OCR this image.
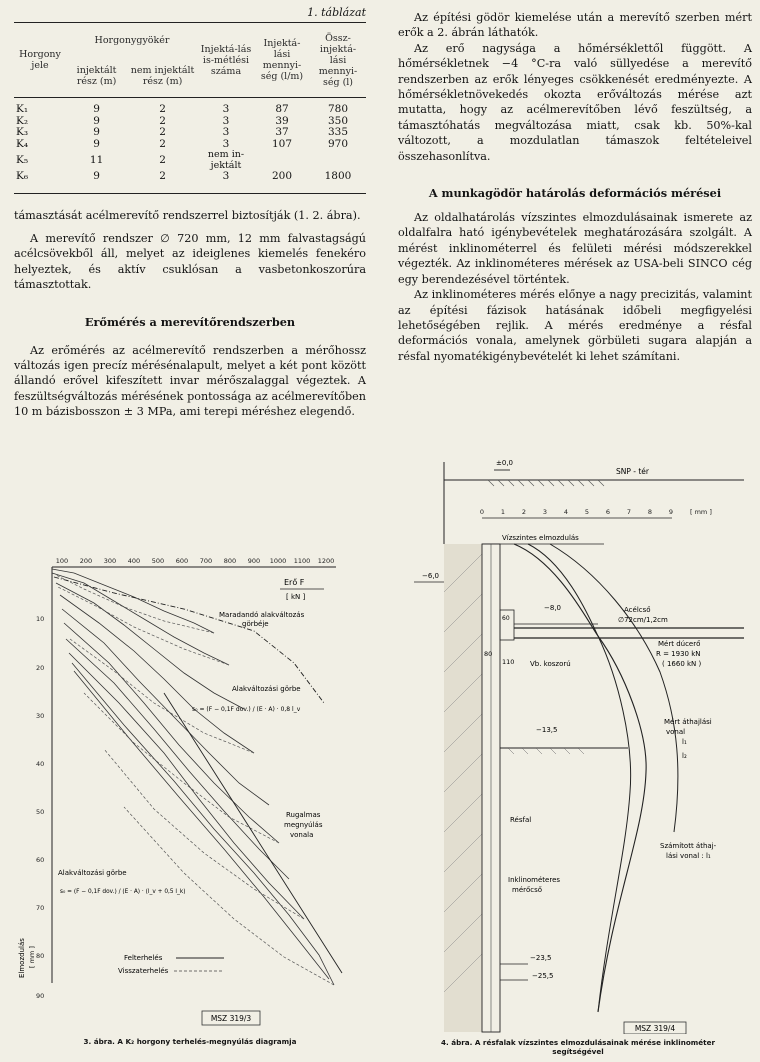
1. táblázat
Horgony jele	Horgonygyökér		Injektá-lás is-métlési száma	Injektá-lási mennyi-ség (l/m)	Össz-injektá-lási mennyi-ség (l)
	injektált rész (m)	nem injektált rész (m)			
K₁	9	2	3	87	780
K₂	9	2	3	39	350
K₃	9	2	3	37	335
K₄	9	2	3	107	970
K₅	11	2	nem in-jektált		
K₆	9	2	3	200	1800

támasztását acélmerevítő rendszerrel biztosítják (1. 2. ábra).

A merevítő rendszer ∅ 720 mm, 12 mm falvastagságú acélcsövekből áll, melyet az ideiglenes kiemelés fenekéro helyeztek, és aktív csuklósan a vasbetonkoszorúra támasztottak.

Erőmérés a merevítőrendszerben

Az erőmérés az acélmerevítő rendszerben a mérőhossz változás igen precíz mérésénalapult, melyet a két pont között állandó erővel kifeszített invar mérőszalaggal végeztek. A feszültségváltozás mérésének pontossága az acélmerevítőben 10 m bázisbosszon ± 3 MPa, ami terepi méréshez elegendő.

Az építési gödör kiemelése után a merevítő szerben mért erők a 2. ábrán láthatók.

Az erő nagysága a hőmérséklettől függött. A hőmérsékletnek −4 °C-ra való süllyedése a merevítő rendszerben az erők lényeges csökkenését eredményezte. A hőmérsékletnövekedés okozta erőváltozás mérése azt mutatta, hogy az acélmerevítőben lévő feszültség, a támasztóhatás megváltozása miatt, csak kb. 50%-kal változott, a mozdulatlan támaszok feltételeivel összehasonlítva.

A munkagödör határolás deformációs mérései

Az oldalhatárolás vízszintes elmozdulásainak ismerete az oldalfalra ható igénybevételek meghatározására szolgált. A mérést inklinométerrel és felületi mérési módszerekkel végezték. Az inklinométeres mérések az USA-beli SINCO cég egy berendezésével történtek.

Az inklinométeres mérés előnye a nagy precizitás, valamint az építési fázisok hatásának időbeli megfigyelési lehetőségében rejlik. A mérés eredménye a résfal deformációs vonala, amelynek görbületi sugara alapján a résfal nyomatékigénybevételét ki lehet számítani.

100 200 300 400 500 600 700 800 900 1000 1100 1200
10
20
30
40
50
60
70
80
90
Erő F
[ kN ]
Elmozdulás [ mm ]
Maradandó alakváltozás
görbéje
Alakváltozási görbe
s₀ = (F − 0,1F dov.) / (E · A) · 0,8 l_v
Rugalmas
megnyúlás
vonala
Alakváltozási görbe
s₀ = (F − 0,1F dov.) / (E · A) · (l_v + 0,5 l_k)
Felterhelés
Visszaterhelés
MSZ 319/3
3. ábra. A K₂ horgony terhelés-megnyúlás diagramja
±0,0
SNP - tér
0	1	2	3	4	5	6	7	8	9	[ mm ]
Vízszintes elmozdulás
−6,0
80
60
110
−8,0	Acélcső
∅72cm/1,2cm
Mért dúcerő
R = 1930 kN
( 1660 kN )
Vb. koszorú
−13,5
Mért áthajlási
vonal
l₁
l₂
Résfal
Inklinométeres
mérőcső
Számított áthaj-
lási vonal : l₁
−23,5
−25,5
MSZ 319/4
4. ábra. A résfalak vízszintes elmozdulásainak mérése inklinométer
segítségével
